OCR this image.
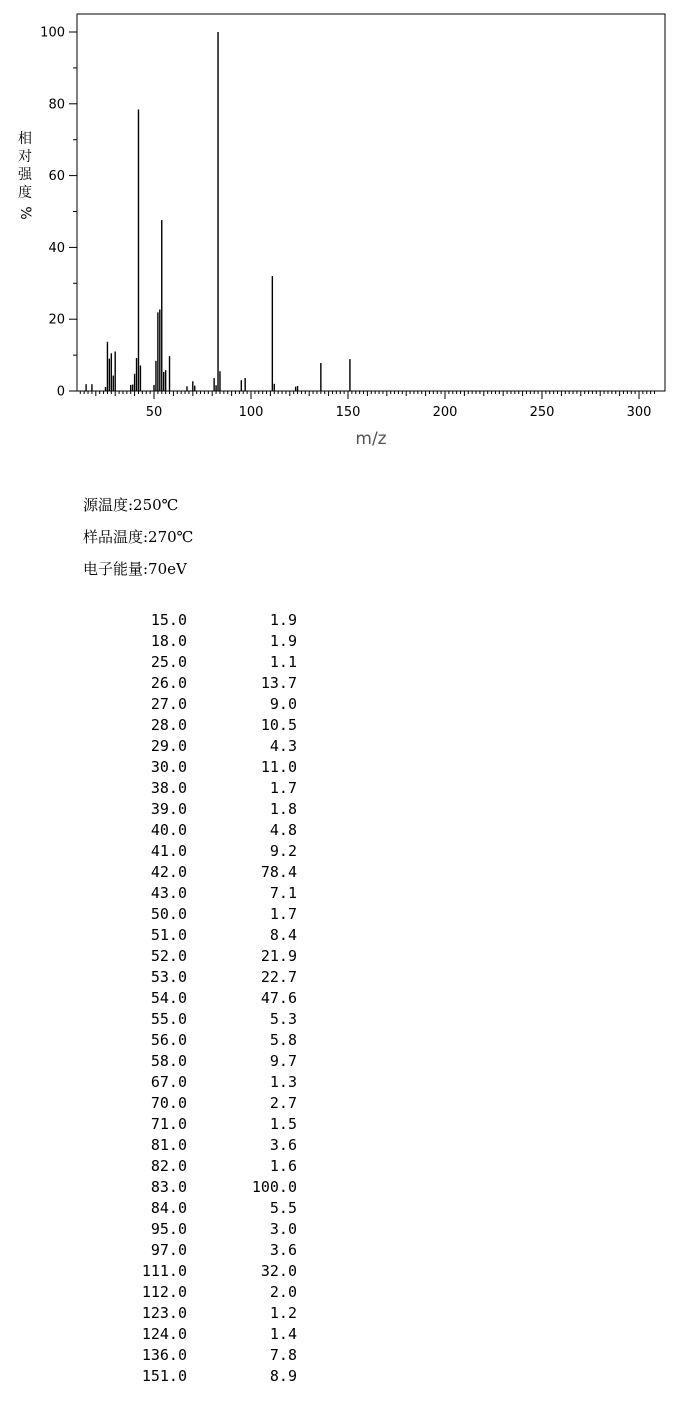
50	100	150	200	250	300
0
20
40
60
80
100
m/z
相
对
强
度
%
源温度:250℃
样品温度:270℃
电子能量:70eV
15.0	1.9
18.0	1.9
25.0	1.1
26.0	13.7
27.0	9.0
28.0	10.5
29.0	4.3
30.0	11.0
38.0	1.7
39.0	1.8
40.0	4.8
41.0	9.2
42.0	78.4
43.0	7.1
50.0	1.7
51.0	8.4
52.0	21.9
53.0	22.7
54.0	47.6
55.0	5.3
56.0	5.8
58.0	9.7
67.0	1.3
70.0	2.7
71.0	1.5
81.0	3.6
82.0	1.6
83.0	100.0
84.0	5.5
95.0	3.0
97.0	3.6
111.0	32.0
112.0	2.0
123.0	1.2
124.0	1.4
136.0	7.8
151.0	8.9
